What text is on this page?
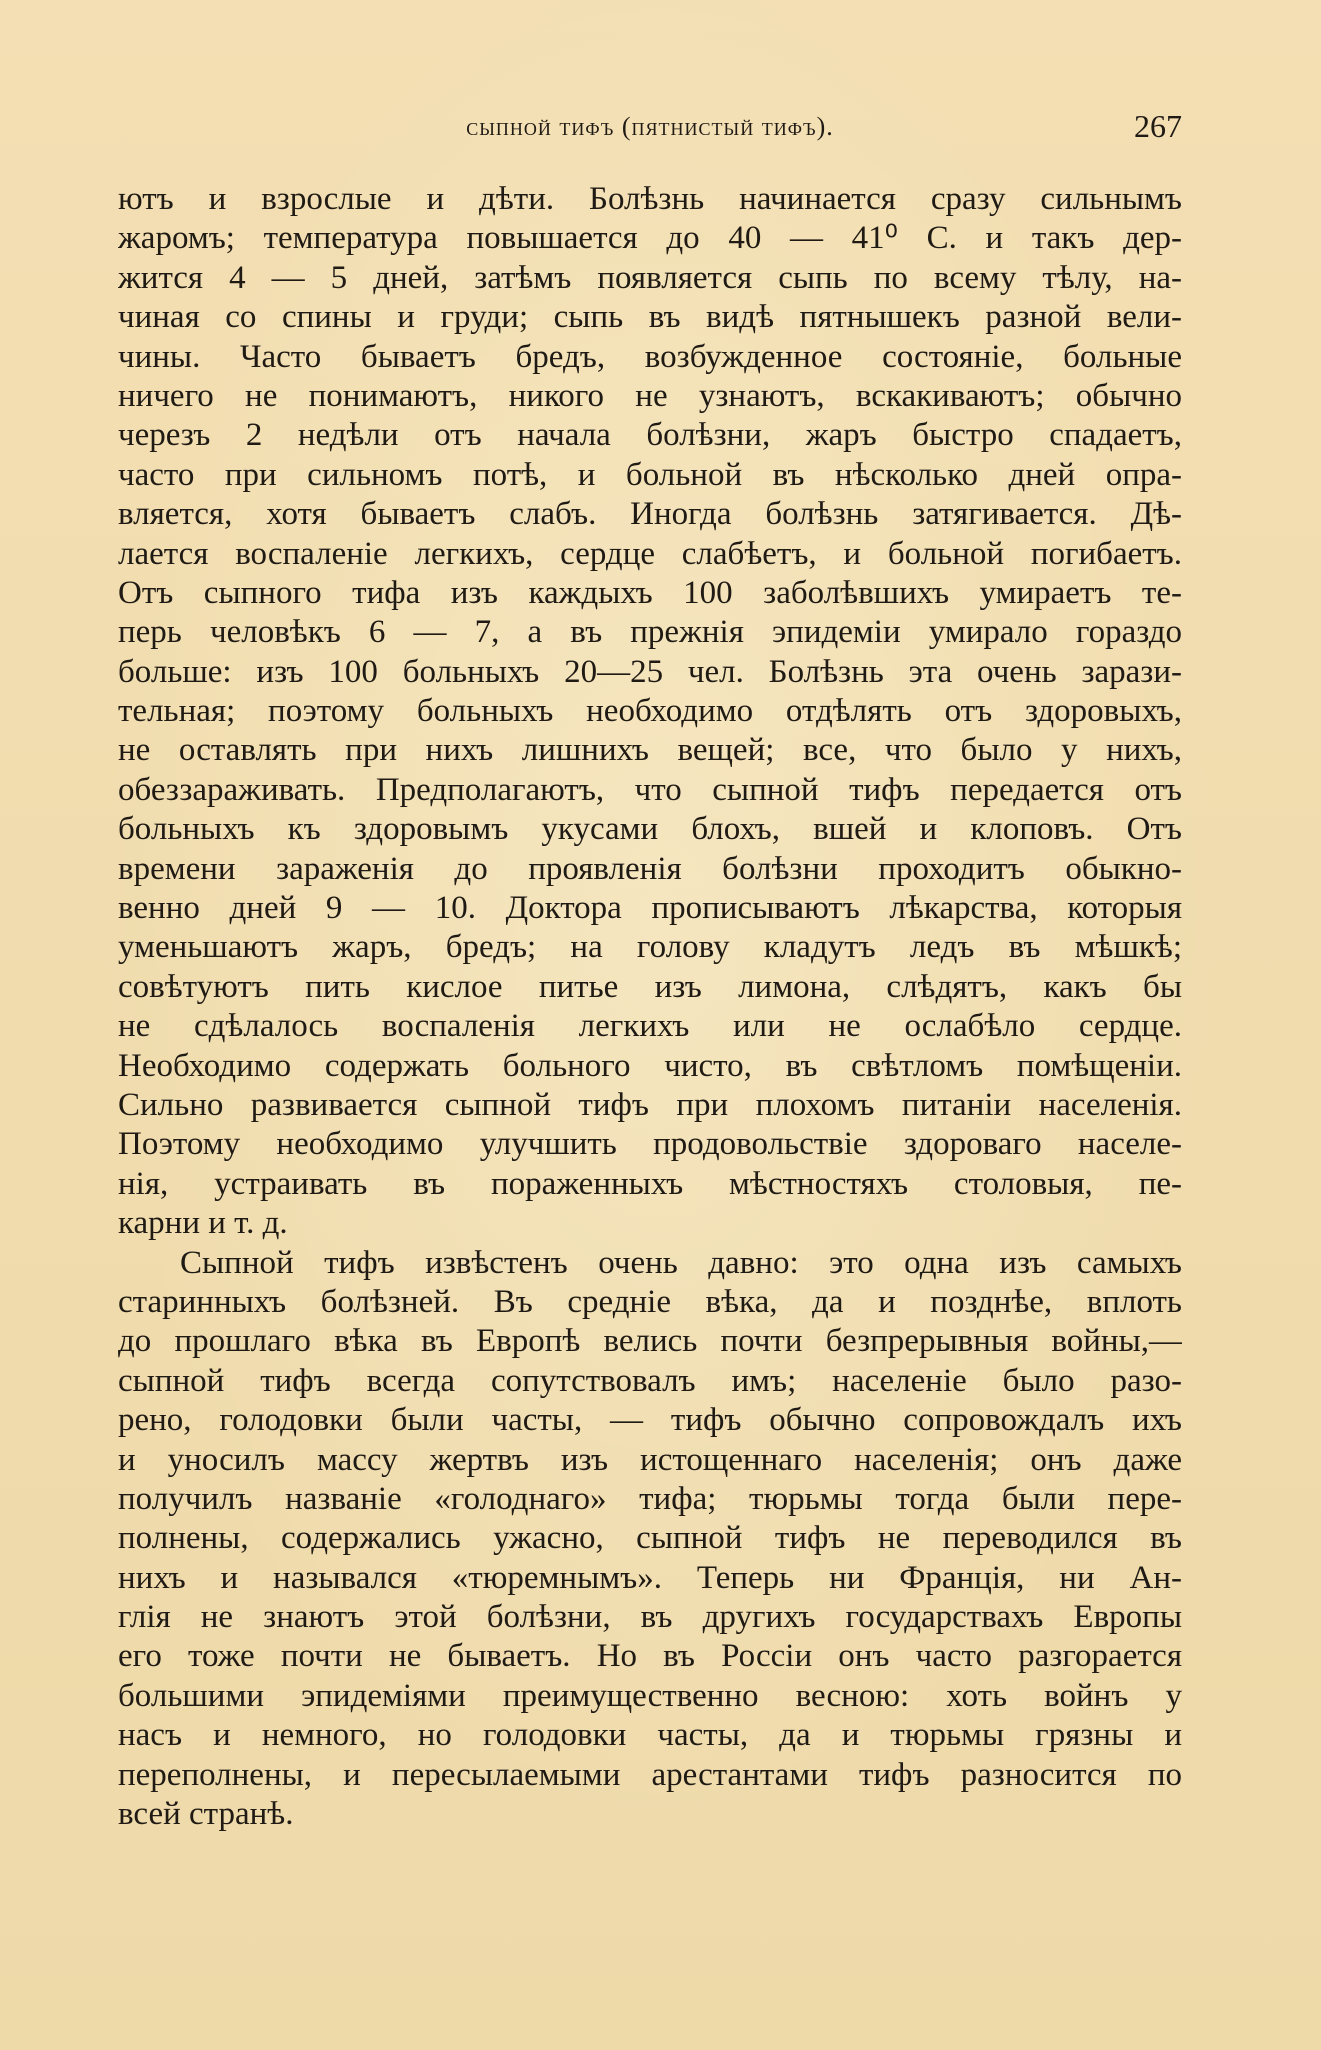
сыпной тифъ (пятнистый тифъ).	267
ютъ и взрослые и дѣти. Болѣзнь начинается сразу сильнымъ
жаромъ; температура повышается до 40 — 41⁰ С. и такъ дер-
жится 4 — 5 дней, затѣмъ появляется сыпь по всему тѣлу, на-
чиная со спины и груди; сыпь въ видѣ пятнышекъ разной вели-
чины. Часто бываетъ бредъ, возбужденное состоянiе, больные
ничего не понимаютъ, никого не узнаютъ, вскакиваютъ; обычно
черезъ 2 недѣли отъ начала болѣзни, жаръ быстро спадаетъ,
часто при сильномъ потѣ, и больной въ нѣсколько дней опра-
вляется, хотя бываетъ слабъ. Иногда болѣзнь затягивается. Дѣ-
лается воспаленiе легкихъ, сердце слабѣетъ, и больной погибаетъ.
Отъ сыпного тифа изъ каждыхъ 100 заболѣвшихъ умираетъ те-
перь человѣкъ 6 — 7, а въ прежнiя эпидемiи умирало гораздо
больше: изъ 100 больныхъ 20—25 чел. Болѣзнь эта очень зарази-
тельная; поэтому больныхъ необходимо отдѣлять отъ здоровыхъ,
не оставлять при нихъ лишнихъ вещей; все, что было у нихъ,
обеззараживать. Предполагаютъ, что сыпной тифъ передается отъ
больныхъ къ здоровымъ укусами блохъ, вшей и клоповъ. Отъ
времени зараженiя до проявленiя болѣзни проходитъ обыкно-
венно дней 9 — 10. Доктора прописываютъ лѣкарства, которыя
уменьшаютъ жаръ, бредъ; на голову кладутъ ледъ въ мѣшкѣ;
совѣтуютъ пить кислое питье изъ лимона, слѣдятъ, какъ бы
не сдѣлалось воспаленiя легкихъ или не ослабѣло сердце.
Необходимо содержать больного чисто, въ свѣтломъ помѣщенiи.
Сильно развивается сыпной тифъ при плохомъ питанiи населенiя.
Поэтому необходимо улучшить продовольствiе здороваго населе-
нiя, устраивать въ пораженныхъ мѣстностяхъ столовыя, пе-
карни и т. д.
Сыпной тифъ извѣстенъ очень давно: это одна изъ самыхъ
старинныхъ болѣзней. Въ среднiе вѣка, да и позднѣе, вплоть
до прошлаго вѣка въ Европѣ велись почти безпрерывныя войны,—
сыпной тифъ всегда сопутствовалъ имъ; населенiе было разо-
рено, голодовки были часты, — тифъ обычно сопровождалъ ихъ
и уносилъ массу жертвъ изъ истощеннаго населенiя; онъ даже
получилъ названiе «голоднаго» тифа; тюрьмы тогда были пере-
полнены, содержались ужасно, сыпной тифъ не переводился въ
нихъ и назывался «тюремнымъ». Теперь ни Францiя, ни Ан-
глiя не знаютъ этой болѣзни, въ другихъ государствахъ Европы
его тоже почти не бываетъ. Но въ Россiи онъ часто разгорается
большими эпидемiями преимущественно весною: хоть войнъ у
насъ и немного, но голодовки часты, да и тюрьмы грязны и
переполнены, и пересылаемыми арестантами тифъ разносится по
всей странѣ.
